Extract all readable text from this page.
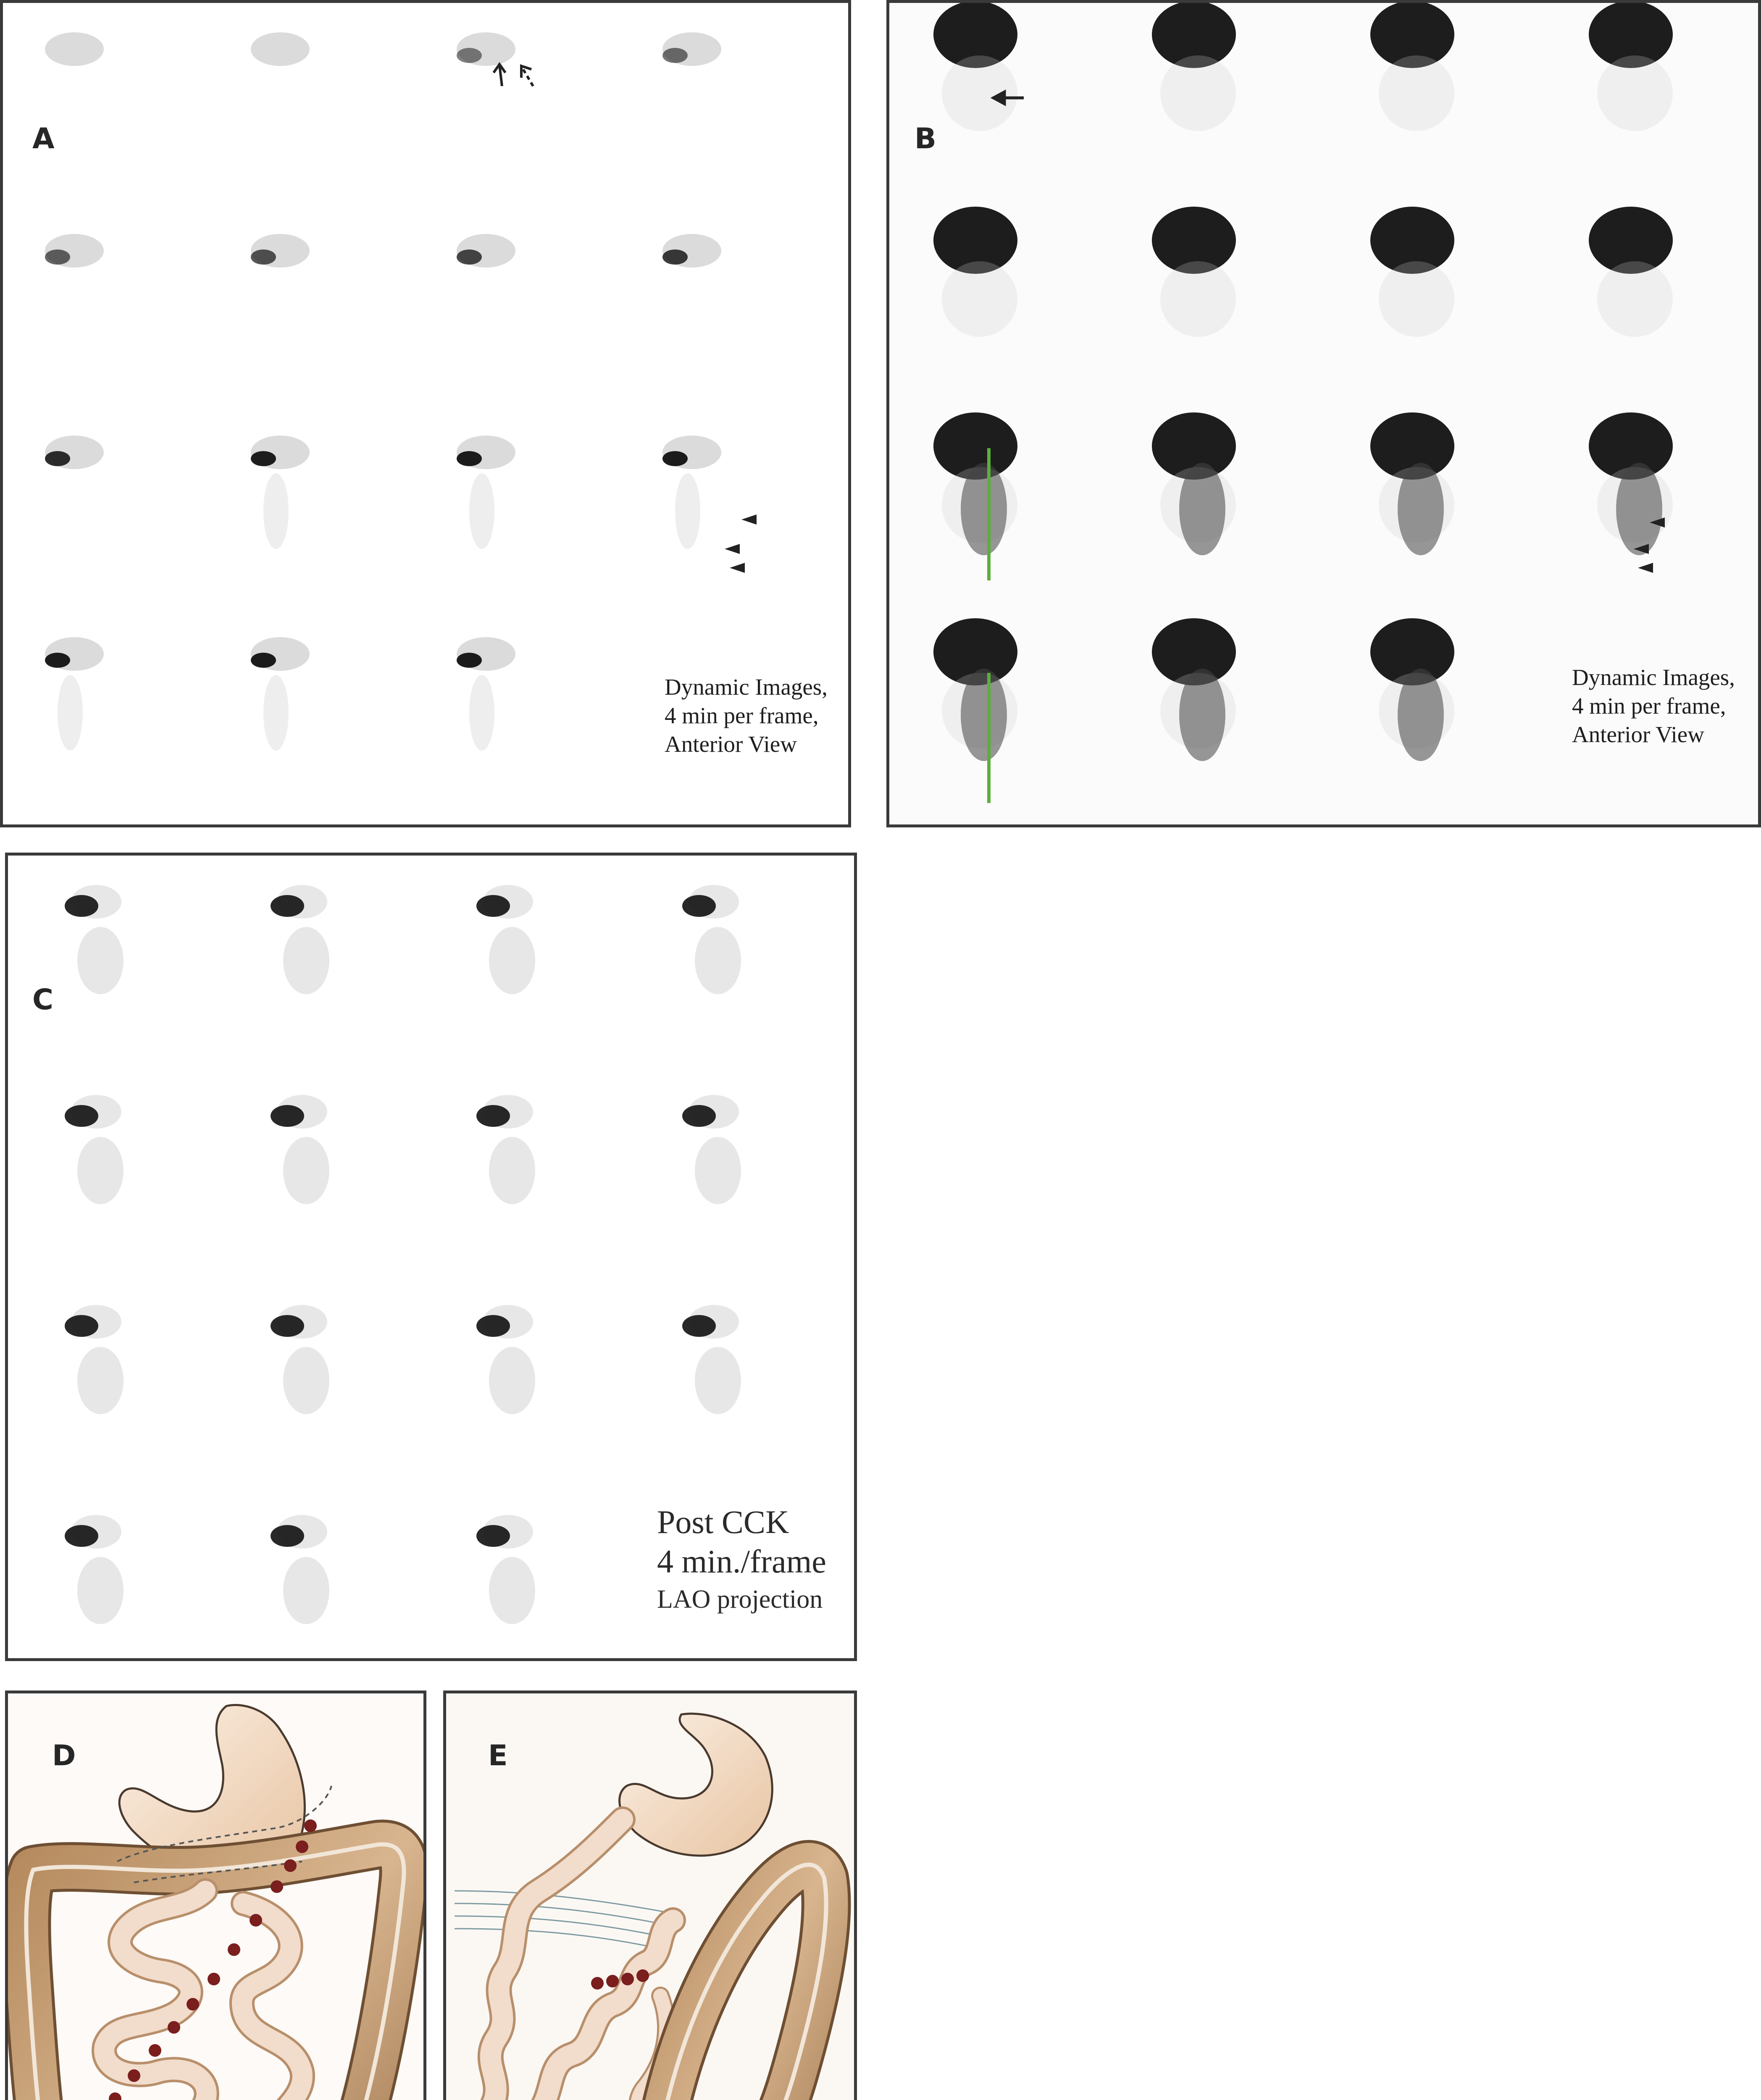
A
Dynamic Images,
4 min per frame,
Anterior View
B
Dynamic Images,
4 min per frame,
Anterior View
C
Post CCK
4 min./frame
LAO projection
D	E
